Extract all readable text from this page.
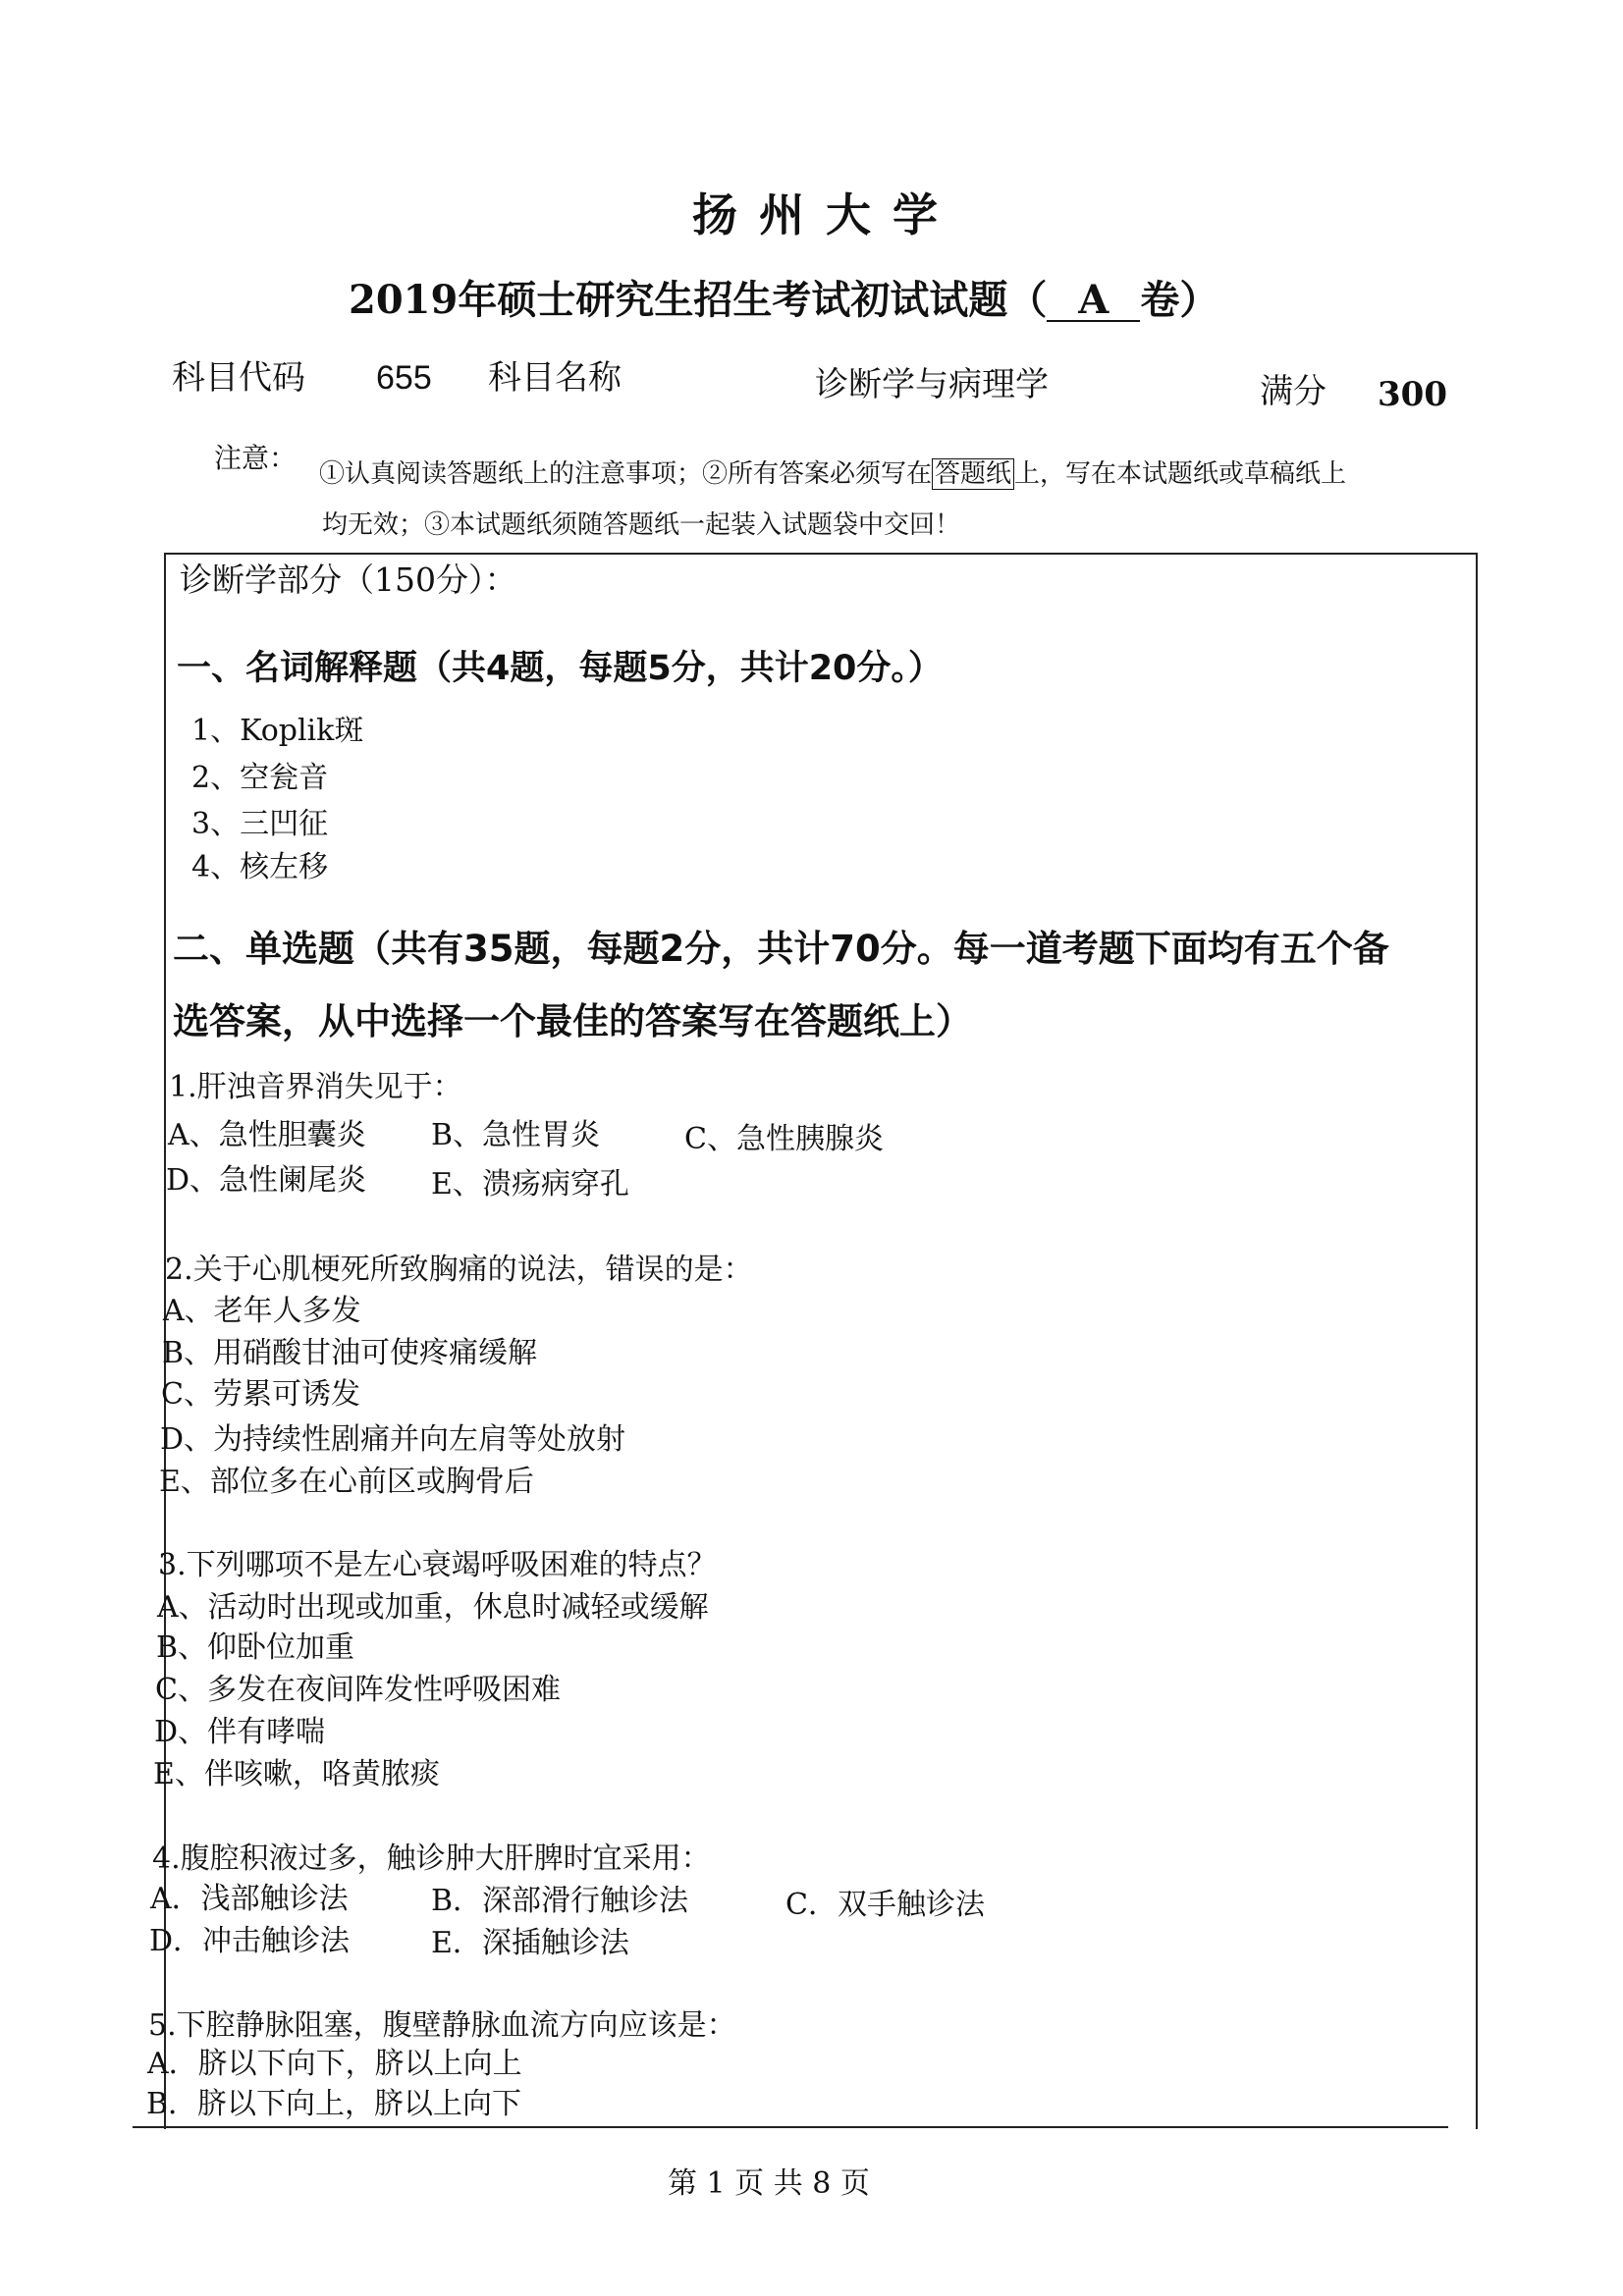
扬州大学
2019年硕士研究生招生考试初试试题（ A 卷）
科目代码 655 科目名称	诊断学与病理学	满分 300
注意： ①认真阅读答题纸上的注意事项；②所有答案必须写在 答题纸 上，写在本试题纸或草稿纸上
均无效；③本试题纸须随答题纸一起装入试题袋中交回！
诊断学部分（150分）：
一、名词解释题（共4题，每题5分，共计20分。）
1、Koplik斑
2、空瓮音
3、三凹征
4、核左移
二、单选题（共有35题，每题2分，共计70分。每一道考题下面均有五个备
选答案，从中选择一个最佳的答案写在答题纸上）
1.肝浊音界消失见于：
A、急性胆囊炎 B、急性胃炎	C、急性胰腺炎
D、急性阑尾炎 E、溃疡病穿孔
2.关于心肌梗死所致胸痛的说法，错误的是：
A、老年人多发
B、用硝酸甘油可使疼痛缓解
C、劳累可诱发
D、为持续性剧痛并向左肩等处放射
E、部位多在心前区或胸骨后
3.下列哪项不是左心衰竭呼吸困难的特点？
A、活动时出现或加重，休息时减轻或缓解
B、仰卧位加重
C、多发在夜间阵发性呼吸困难
D、伴有哮喘
E、伴咳嗽，咯黄脓痰
4.腹腔积液过多，触诊肿大肝脾时宜采用：
A．浅部触诊法	B．深部滑行触诊法	C．双手触诊法
D．冲击触诊法	E．深插触诊法
5.下腔静脉阻塞，腹壁静脉血流方向应该是：
A．脐以下向下，脐以上向上
B．脐以下向上，脐以上向下
第 1 页 共 8 页
